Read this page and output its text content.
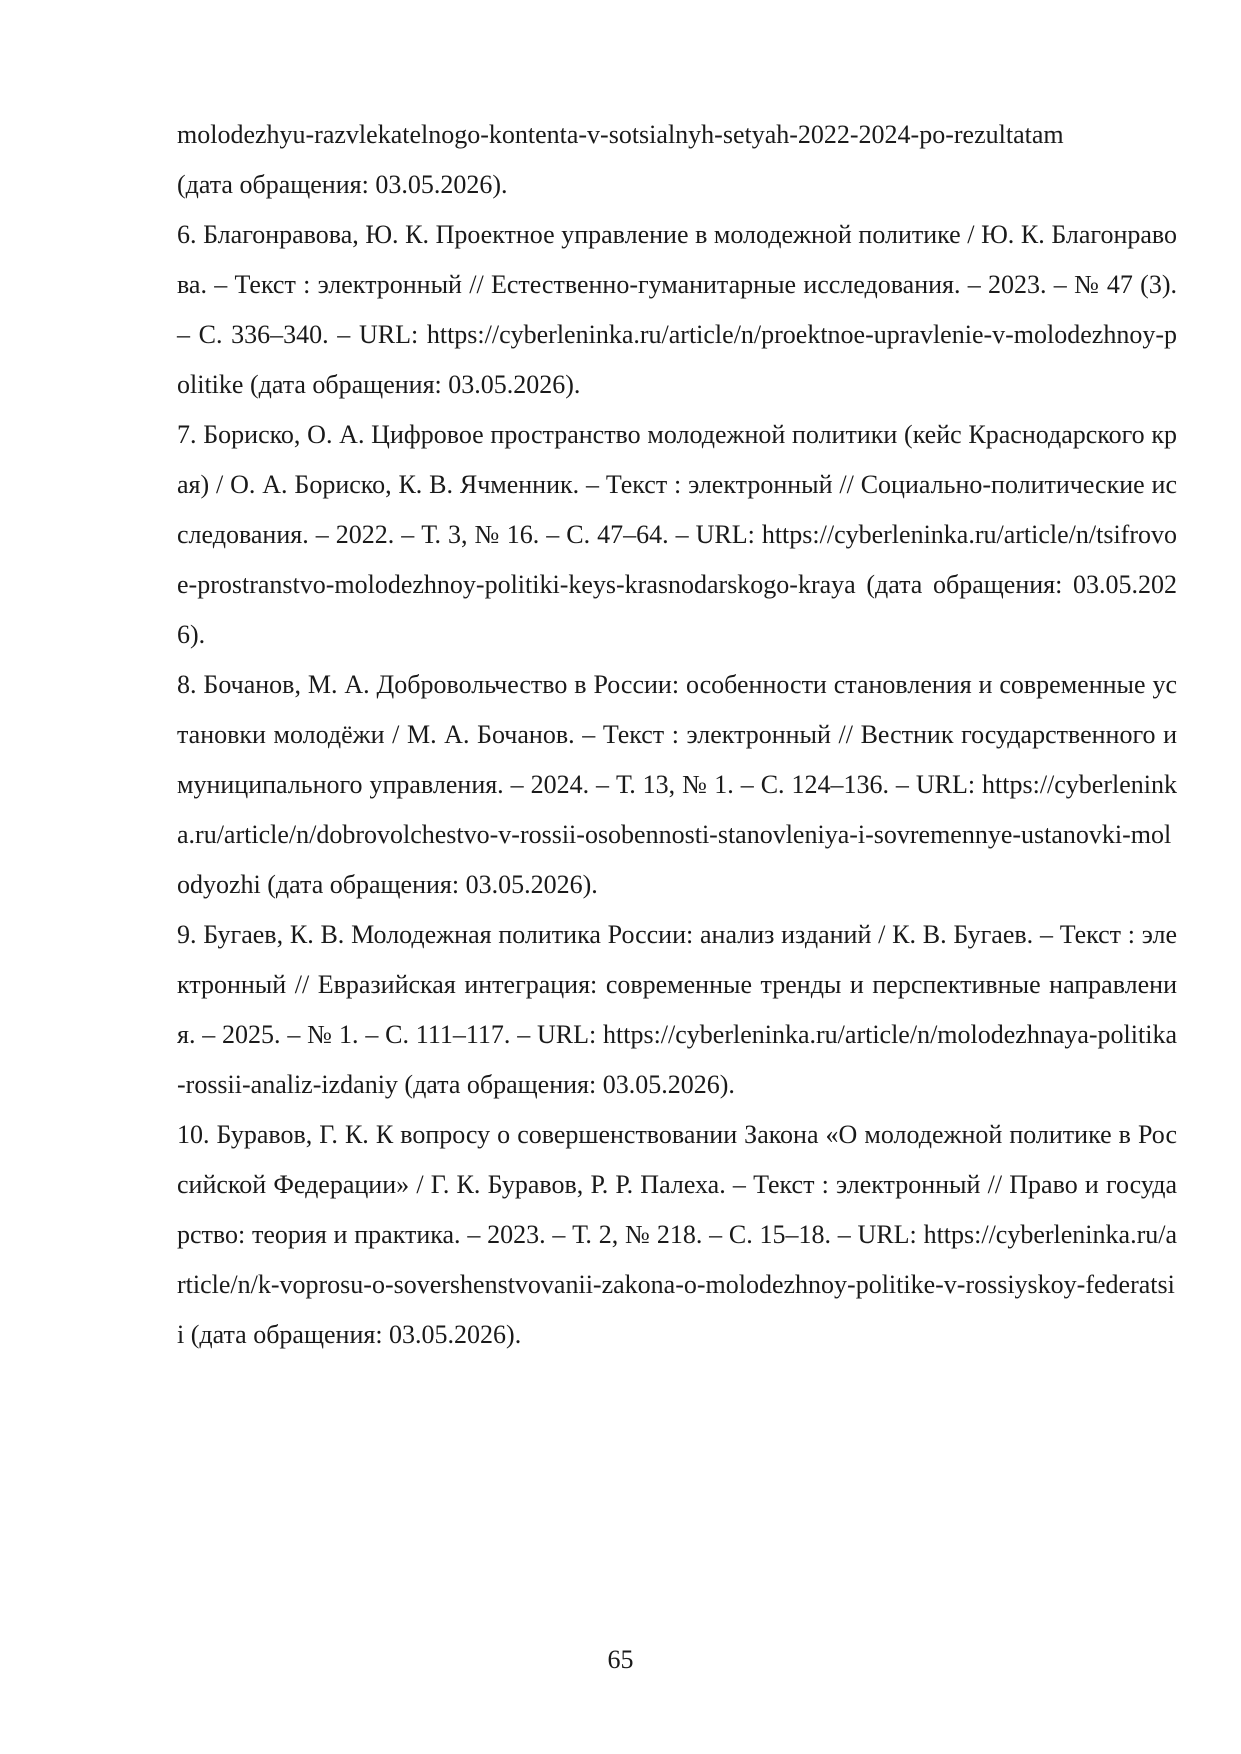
molodezhyu-razvlekatelnogo-kontenta-v-sotsialnyh-setyah-2022-2024-po-rezultatam
(дата обращения: 03.05.2026).

6. Благонравова, Ю. К. Проектное управление в молодежной политике / Ю. К. Благонравова. – Текст : электронный // Естественно-гуманитарные исследования. – 2023. – № 47 (3). – С. 336–340. – URL: https://cyberleninka.ru/article/n/proektnoe-upravlenie-v-molodezhnoy-politike (дата обращения: 03.05.2026).

7. Бориско, О. А. Цифровое пространство молодежной политики (кейс Краснодарского края) / О. А. Бориско, К. В. Ячменник. – Текст : электронный // Социально-политические исследования. – 2022. – Т. 3, № 16. – С. 47–64. – URL: https://cyberleninka.ru/article/n/tsifrovoe-prostranstvo-molodezhnoy-politiki-keys-krasnodarskogo-kraya (дата обращения: 03.05.2026).

8. Бочанов, М. А. Добровольчество в России: особенности становления и современные установки молодёжи / М. А. Бочанов. – Текст : электронный // Вестник государственного и муниципального управления. – 2024. – Т. 13, № 1. – С. 124–136. – URL: https://cyberleninka.ru/article/n/dobrovolchestvo-v-rossii-osobennosti-stanovleniya-i-sovremennye-ustanovki-molodyozhi (дата обращения: 03.05.2026).

9. Бугаев, К. В. Молодежная политика России: анализ изданий / К. В. Бугаев. – Текст : электронный // Евразийская интеграция: современные тренды и перспективные направления. – 2025. – № 1. – С. 111–117. – URL: https://cyberleninka.ru/article/n/molodezhnaya-politika-rossii-analiz-izdaniy (дата обращения: 03.05.2026).

10. Буравов, Г. К. К вопросу о совершенствовании Закона «О молодежной политике в Российской Федерации» / Г. К. Буравов, Р. Р. Палеха. – Текст : электронный // Право и государство: теория и практика. – 2023. – Т. 2, № 218. – С. 15–18. – URL: https://cyberleninka.ru/article/n/k-voprosu-o-sovershenstvovanii-zakona-o-molodezhnoy-politike-v-rossiyskoy-federatsii (дата обращения: 03.05.2026).

65
